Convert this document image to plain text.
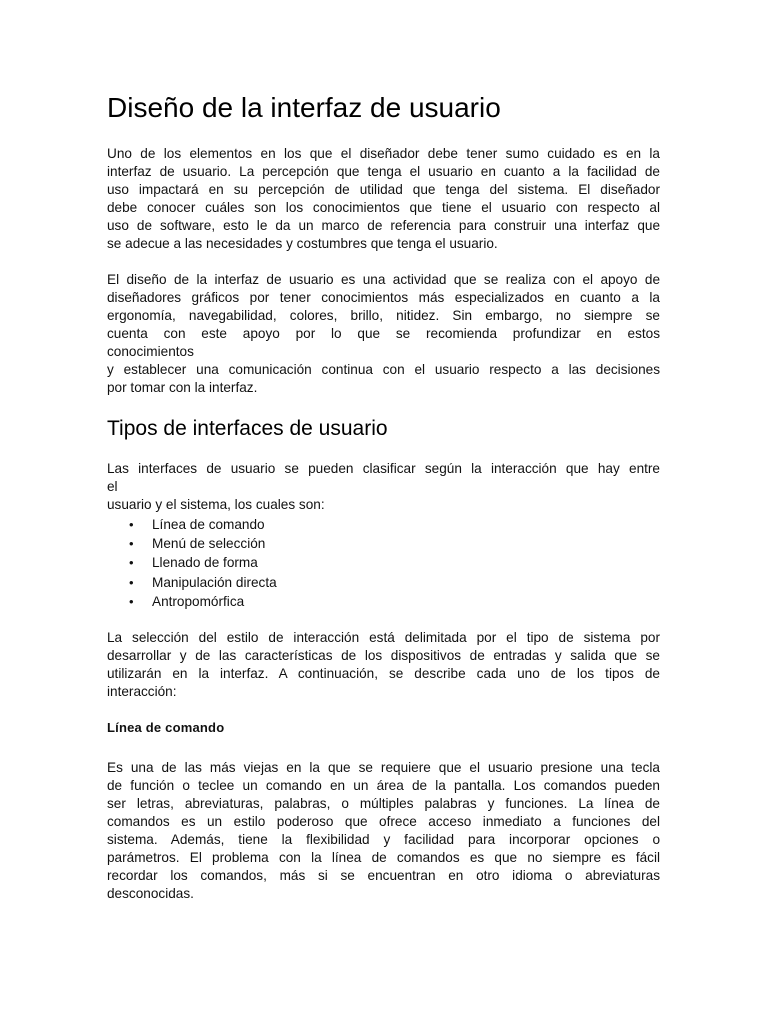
Diseño de la interfaz de usuario

Uno de los elementos en los que el diseñador debe tener sumo cuidado es en la
interfaz de usuario. La percepción que tenga el usuario en cuanto a la facilidad de
uso impactará en su percepción de utilidad que tenga del sistema. El diseñador
debe conocer cuáles son los conocimientos que tiene el usuario con respecto al
uso de software, esto le da un marco de referencia para construir una interfaz que
se adecue a las necesidades y costumbres que tenga el usuario.

El diseño de la interfaz de usuario es una actividad que se realiza con el apoyo de
diseñadores gráficos por tener conocimientos más especializados en cuanto a la
ergonomía, navegabilidad, colores, brillo, nitidez. Sin embargo, no siempre se
cuenta con este apoyo por lo que se recomienda profundizar en estos
conocimientos
y establecer una comunicación continua con el usuario respecto a las decisiones
por tomar con la interfaz.

Tipos de interfaces de usuario

Las interfaces de usuario se pueden clasificar según la interacción que hay entre
el
usuario y el sistema, los cuales son:

• Línea de comando
• Menú de selección
• Llenado de forma
• Manipulación directa
• Antropomórfica

La selección del estilo de interacción está delimitada por el tipo de sistema por
desarrollar y de las características de los dispositivos de entradas y salida que se
utilizarán en la interfaz. A continuación, se describe cada uno de los tipos de
interacción:

Línea de comando

Es una de las más viejas en la que se requiere que el usuario presione una tecla
de función o teclee un comando en un área de la pantalla. Los comandos pueden
ser letras, abreviaturas, palabras, o múltiples palabras y funciones. La línea de
comandos es un estilo poderoso que ofrece acceso inmediato a funciones del
sistema. Además, tiene la flexibilidad y facilidad para incorporar opciones o
parámetros. El problema con la línea de comandos es que no siempre es fácil
recordar los comandos, más si se encuentran en otro idioma o abreviaturas
desconocidas.
